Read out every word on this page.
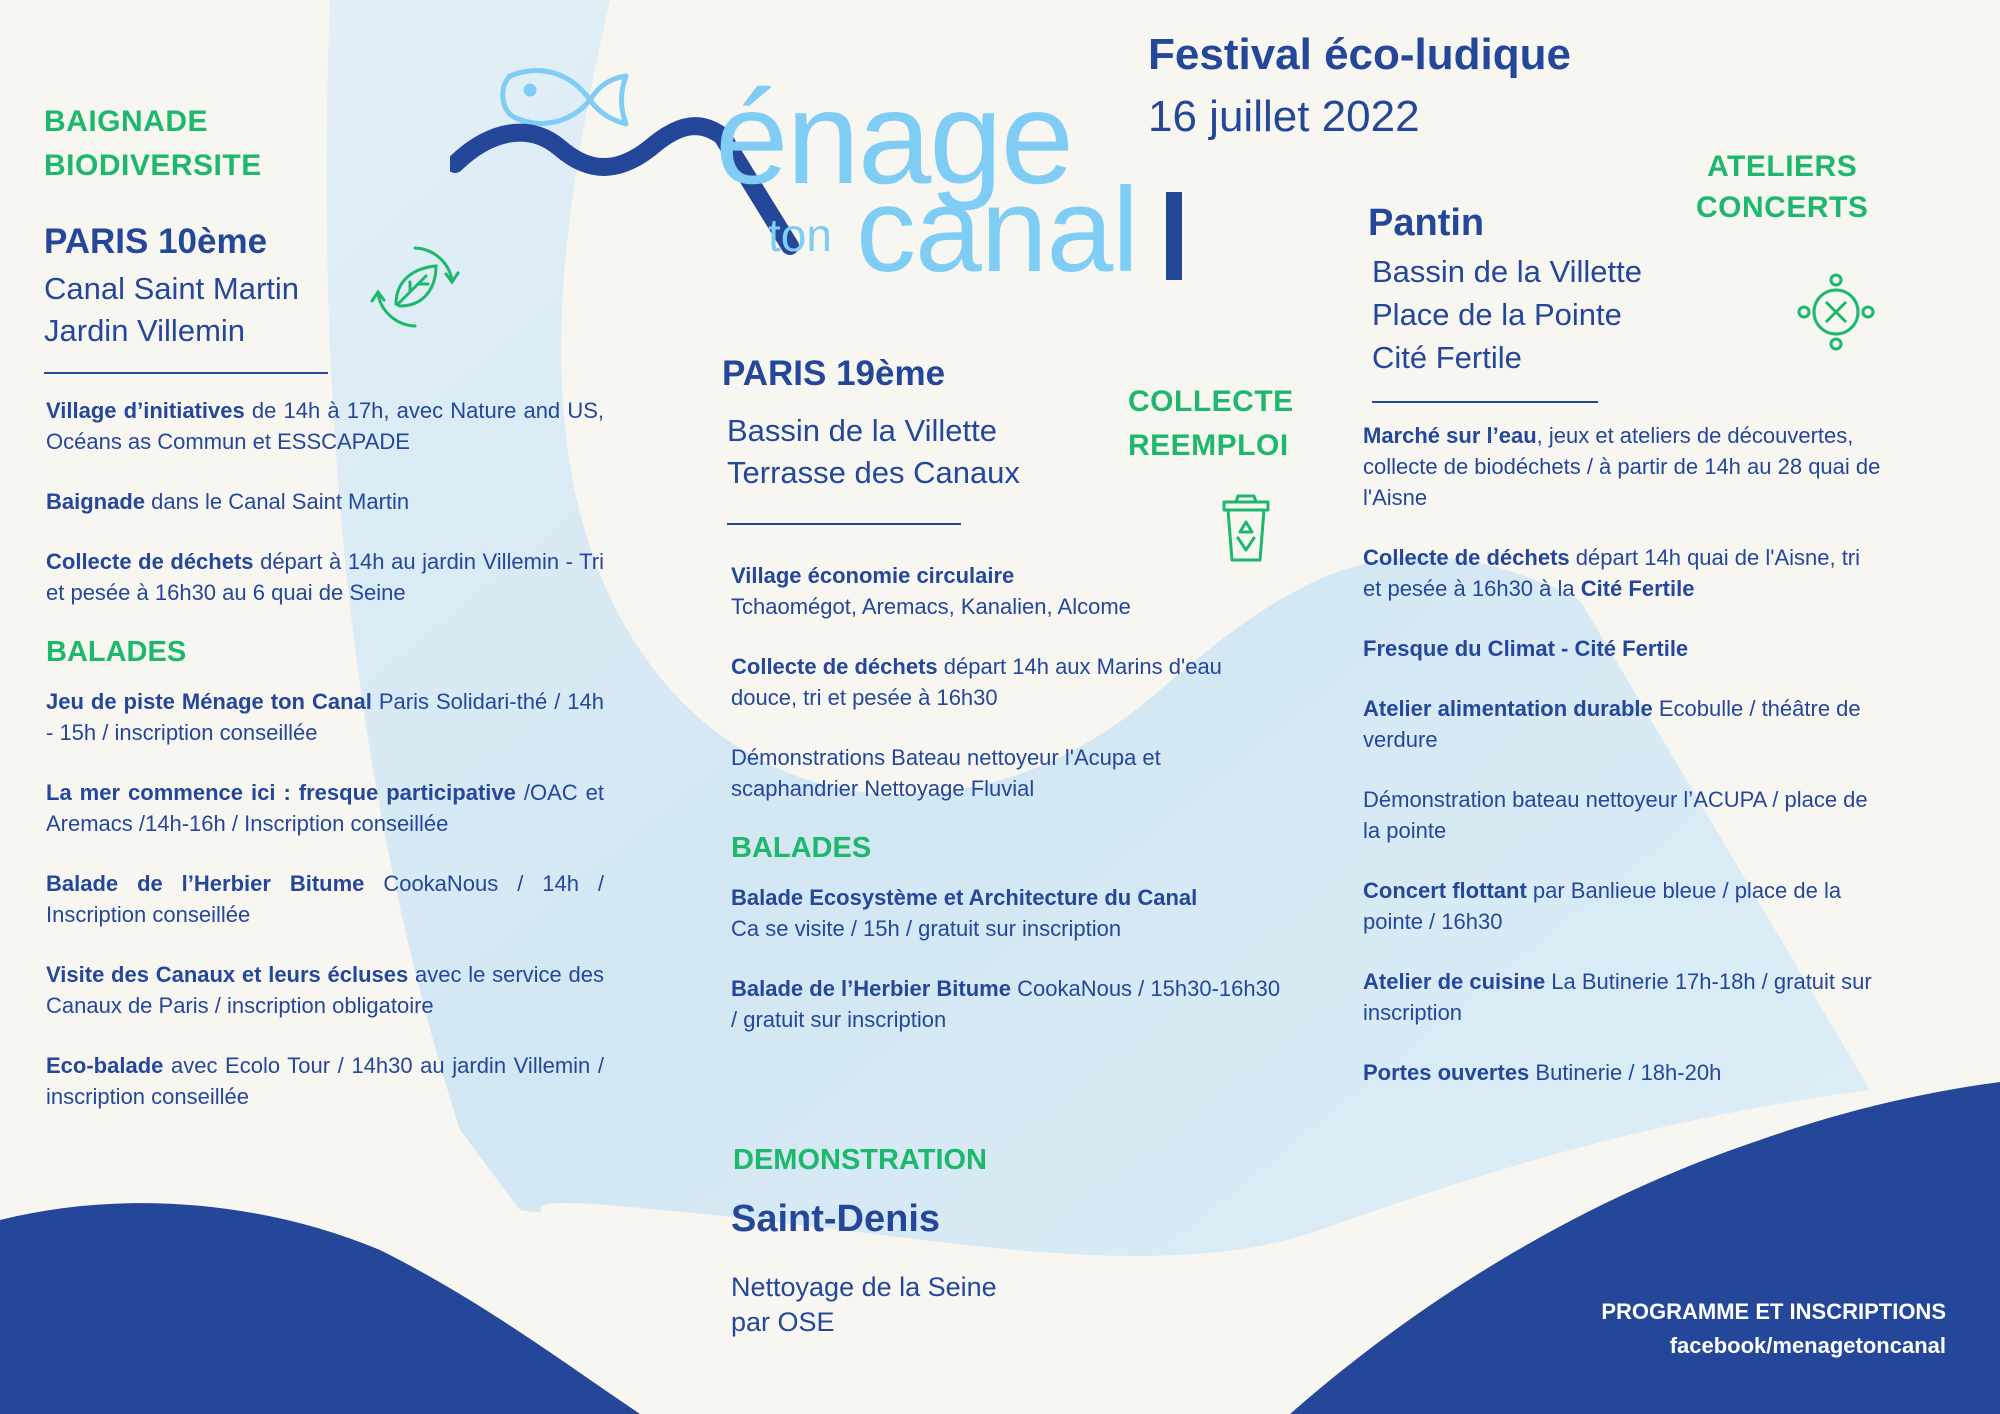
énage
ton canal
Festival éco-ludique
16 juillet 2022
BAIGNADE
BIODIVERSITE
PARIS 10ème
Canal Saint Martin
Jardin Villemin
Village d’initiatives de 14h à 17h, avec Nature and US, Océans as Commun et ESSCAPADE
Baignade dans le Canal Saint Martin
Collecte de déchets départ à 14h au jardin Villemin - Tri et pesée à 16h30 au 6 quai de Seine
BALADES
Jeu de piste Ménage ton Canal Paris Solidari-thé / 14h - 15h / inscription conseillée
La mer commence ici : fresque participative /OAC et Aremacs /14h-16h / Inscription conseillée
Balade de l’Herbier Bitume CookaNous / 14h / Inscription conseillée
Visite des Canaux et leurs écluses avec le service des Canaux de Paris / inscription obligatoire
Eco-balade avec Ecolo Tour / 14h30 au jardin Villemin / inscription conseillée
PARIS 19ème
Bassin de la Villette
Terrasse des Canaux
COLLECTE
REEMPLOI
Village économie circulaire
Tchaomégot, Aremacs, Kanalien, Alcome
Collecte de déchets départ 14h aux Marins d'eau douce, tri et pesée à 16h30
Démonstrations Bateau nettoyeur l'Acupa et scaphandrier Nettoyage Fluvial
BALADES
Balade Ecosystème et Architecture du Canal
Ca se visite / 15h / gratuit sur inscription
Balade de l’Herbier Bitume CookaNous / 15h30-16h30 / gratuit sur inscription
DEMONSTRATION
Saint-Denis
Nettoyage de la Seine
par OSE
ATELIERS
CONCERTS
Pantin
Bassin de la Villette
Place de la Pointe
Cité Fertile
Marché sur l’eau, jeux et ateliers de découvertes, collecte de biodéchets / à partir de 14h au 28 quai de l'Aisne
Collecte de déchets départ 14h quai de l'Aisne, tri et pesée à 16h30 à la Cité Fertile
Fresque du Climat - Cité Fertile
Atelier alimentation durable Ecobulle / théâtre de verdure
Démonstration bateau nettoyeur l’ACUPA / place de la pointe
Concert flottant par Banlieue bleue / place de la pointe / 16h30
Atelier de cuisine La Butinerie 17h-18h / gratuit sur inscription
Portes ouvertes Butinerie / 18h-20h
PROGRAMME ET INSCRIPTIONS
facebook/menagetoncanal
